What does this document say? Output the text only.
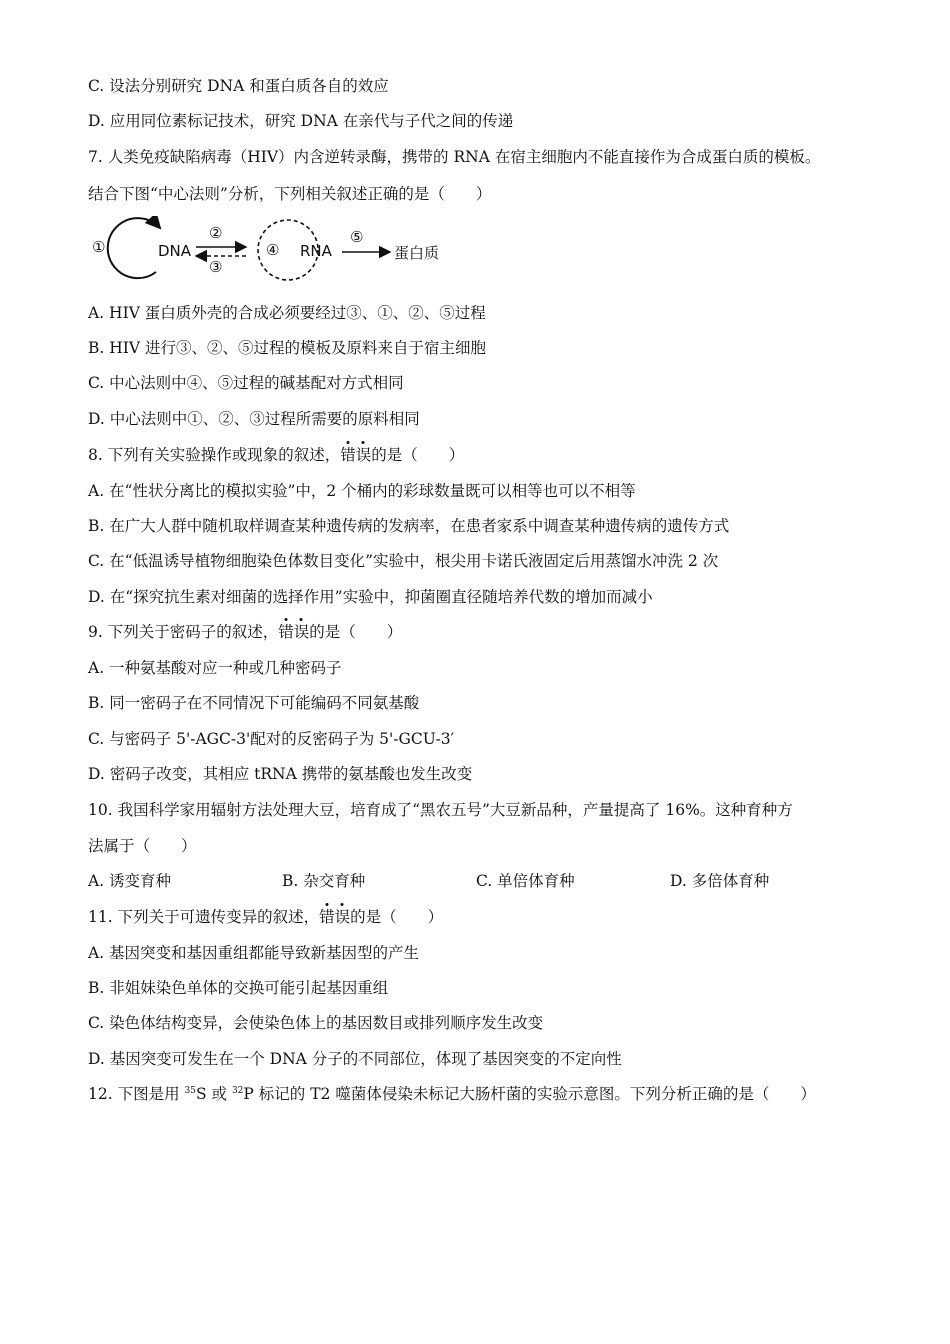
C. 设法分别研究 DNA 和蛋白质各自的效应
D. 应用同位素标记技术，研究 DNA 在亲代与子代之间的传递
7. 人类免疫缺陷病毒（HIV）内含逆转录酶，携带的 RNA 在宿主细胞内不能直接作为合成蛋白质的模板。
结合下图“中心法则”分析，下列相关叙述正确的是（　　）
①	DNA
②
③
④ RNA
⑤
蛋白质
A. HIV 蛋白质外壳的合成必须要经过③、①、②、⑤过程
B. HIV 进行③、②、⑤过程的模板及原料来自于宿主细胞
C. 中心法则中④、⑤过程的碱基配对方式相同
D. 中心法则中①、②、③过程所需要的原料相同
8. 下列有关实验操作或现象的叙述，错误的是（　　）
A. 在“性状分离比的模拟实验”中，2 个桶内的彩球数量既可以相等也可以不相等
B. 在广大人群中随机取样调查某种遗传病的发病率，在患者家系中调查某种遗传病的遗传方式
C. 在“低温诱导植物细胞染色体数目变化”实验中，根尖用卡诺氏液固定后用蒸馏水冲洗 2 次
D. 在“探究抗生素对细菌的选择作用”实验中，抑菌圈直径随培养代数的增加而减小
9. 下列关于密码子的叙述，错误的是（　　）
A. 一种氨基酸对应一种或几种密码子
B. 同一密码子在不同情况下可能编码不同氨基酸
C. 与密码子 5'-AGC-3'配对的反密码子为 5'-GCU-3′
D. 密码子改变，其相应 tRNA 携带的氨基酸也发生改变
10. 我国科学家用辐射方法处理大豆，培育成了“黑农五号”大豆新品种，产量提高了 16%。这种育种方
法属于（　　）
A. 诱变育种	B. 杂交育种	C. 单倍体育种	D. 多倍体育种
11. 下列关于可遗传变异的叙述，错误的是（　　）
A. 基因突变和基因重组都能导致新基因型的产生
B. 非姐妹染色单体的交换可能引起基因重组
C. 染色体结构变异，会使染色体上的基因数目或排列顺序发生改变
D. 基因突变可发生在一个 DNA 分子的不同部位，体现了基因突变的不定向性
12. 下图是用 $^{35}$S 或 $^{32}$P 标记的 T2 噬菌体侵染未标记大肠杆菌的实验示意图。下列分析正确的是（　　）
